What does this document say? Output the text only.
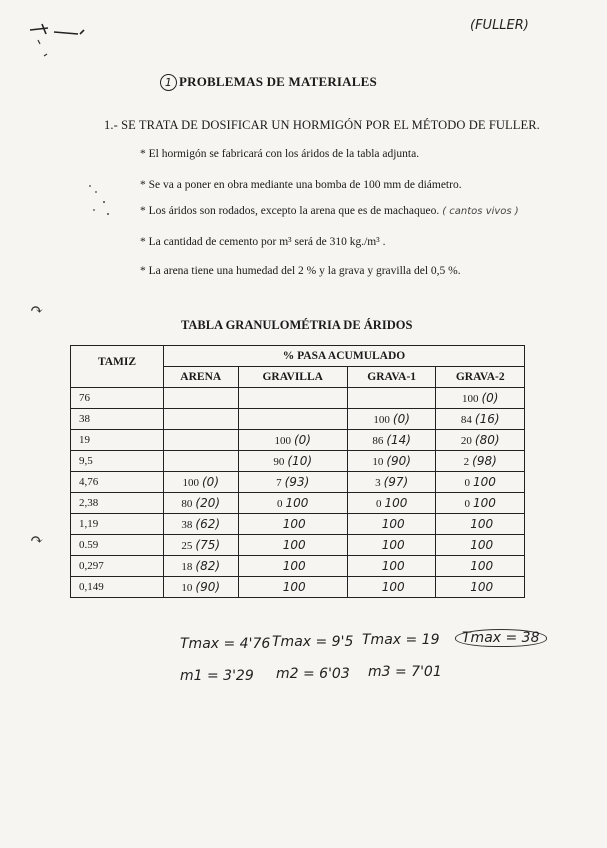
↷
↷
(FULLER)
1 PROBLEMAS DE MATERIALES
1.- SE TRATA DE DOSIFICAR UN HORMIGÓN POR EL MÉTODO DE FULLER.
* El hormigón se fabricará con los áridos de la tabla adjunta.
* Se va a poner en obra mediante una bomba de 100 mm de diámetro.
* Los áridos son rodados, excepto la arena que es de machaqueo. ( cantos vivos )
* La cantidad de cemento por m³ será de 310 kg./m³ .
* La arena tiene una humedad del 2 % y la grava y gravilla del 0,5 %.
TABLA GRANULOMÉTRIA DE ÁRIDOS
TAMIZ	% PASA ACUMULADO			
	ARENA	GRAVILLA	GRAVA-1	GRAVA-2
76				100 (0)
38			100 (0)	84 (16)
19		100 (0)	86 (14)	20 (80)
9,5		90 (10)	10 (90)	2 (98)
4,76	100 (0)	7 (93)	3 (97)	0 100
2,38	80 (20)	0 100	0 100	0 100
1,19	38 (62)	100	100	100
0.59	25 (75)	100	100	100
0,297	18 (82)	100	100	100
0,149	10 (90)	100	100	100
Tmax = 4'76 Tmax = 9'5 Tmax = 19	Tmax = 38
m1 = 3'29 m2 = 6'03 m3 = 7'01
